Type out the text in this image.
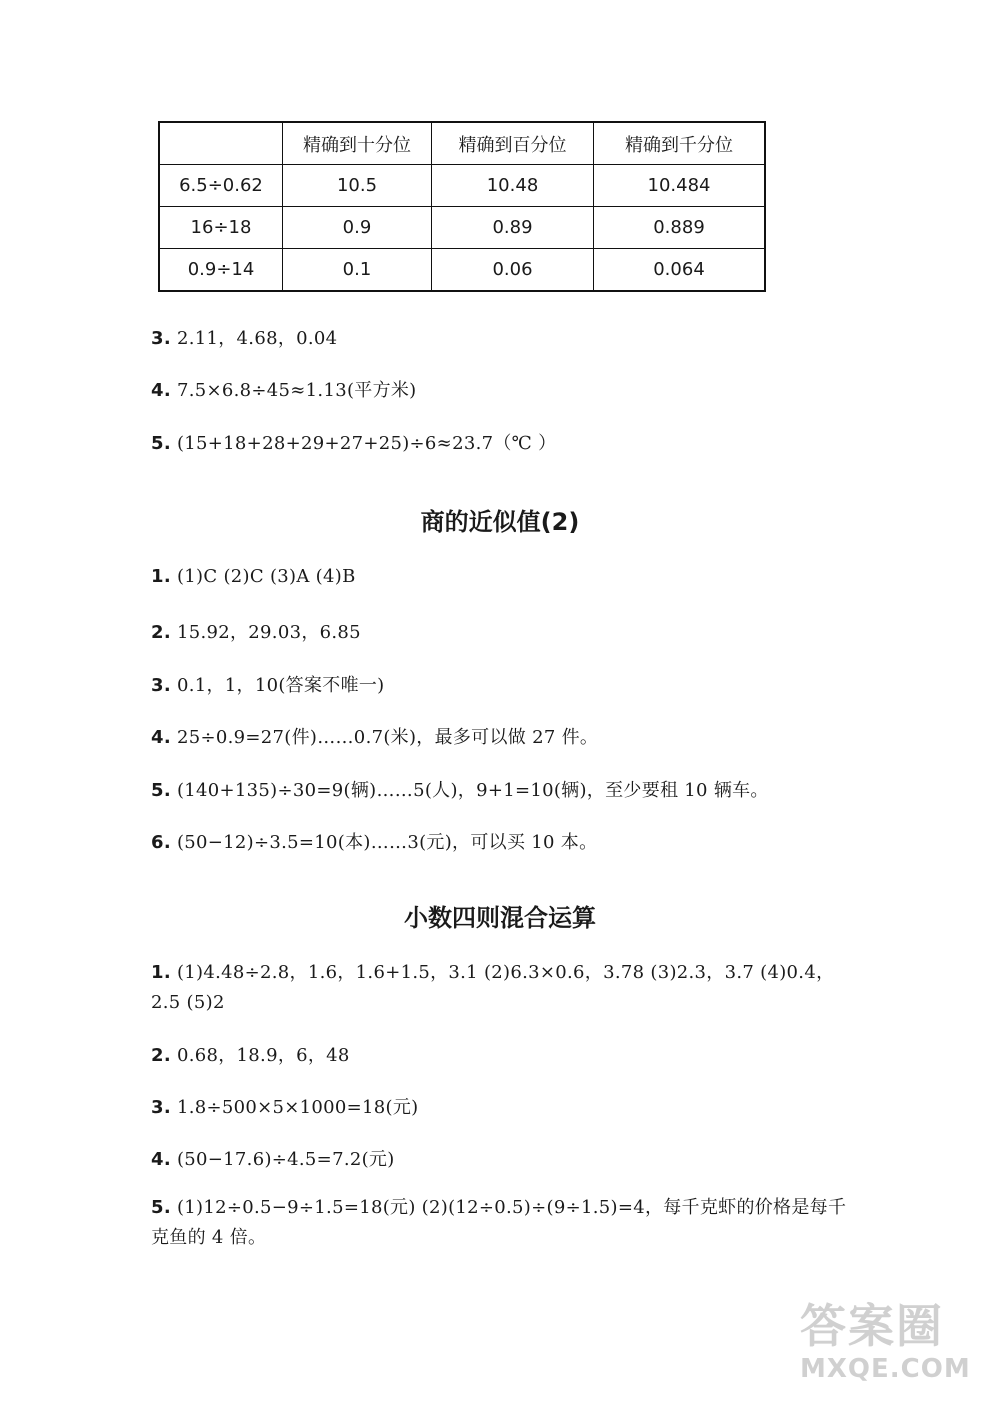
	精确到十分位	精确到百分位	精确到千分位
6.5÷0.62	10.5	10.48	10.484
16÷18	0.9	0.89	0.889
0.9÷14	0.1	0.06	0.064
3. 2.11，4.68，0.04
4. 7.5×6.8÷45≈1.13(平方米)
5. (15+18+28+29+27+25)÷6≈23.7（℃ ）
商的近似值(2)
1. (1)C (2)C (3)A (4)B
2. 15.92，29.03，6.85
3. 0.1，1，10(答案不唯一)
4. 25÷0.9=27(件)……0.7(米)，最多可以做 27 件。
5. (140+135)÷30=9(辆)……5(人)，9+1=10(辆)，至少要租 10 辆车。
6. (50−12)÷3.5=10(本)……3(元)，可以买 10 本。
小数四则混合运算
1. (1)4.48÷2.8，1.6，1.6+1.5，3.1 (2)6.3×0.6，3.78 (3)2.3，3.7 (4)0.4，2.5 (5)2
2. 0.68，18.9，6，48
3. 1.8÷500×5×1000=18(元)
4. (50−17.6)÷4.5=7.2(元)
5. (1)12÷0.5−9÷1.5=18(元) (2)(12÷0.5)÷(9÷1.5)=4，每千克虾的价格是每千克鱼的 4 倍。
答案圈
MXQE.COM
